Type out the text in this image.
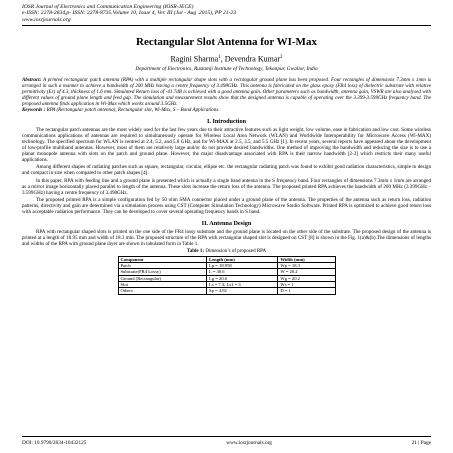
IOSR Journal of Electronics and Communication Engineering (IOSR-JECE)
e-ISSN: 2278-2834,p- ISSN: 2278-8735.Volume 10, Issue 4, Ver. III (Jul - Aug .2015), PP 21-23
www.iosrjournals.org
Rectangular Slot Antenna for WI-Max
Ragini Sharma$^1$, Devendra Kumar$^2$
Department of Electronics, Rustamji Institute of Technology, Tekanpur, Gwalior, India
Abstract: A printed rectangular patch antenna (RPA) with a multiple rectangular shape slots with a rectangular ground plane has been proposed. Four rectangles of dimensions 7.3mm x 1mm is arranged in such a manner to achieve a bandwidth of 200 MHz having a centre frequency of 3.498GHz. This antenna is fabricated on the glass epoxy (FR4 loss) of dielectric substrate with relative permittivity (Er) of 4.3, thickness of 1.6 mm. Simulated Return loss of -41.7dB is achieved with a good antenna gain. Other parameters such as bandwidth, antenna gain, VSWR are also analysed with different values of ground plane length and feed gap. The simulation and measurement results show that the designed antenna is capable of operating over the 3.399-3.599GHz frequency band. The proposed antenna finds application in Wi-Max which works around 3.5GHz.
Keywords : RPA (Rectangular patch antenna), Rectangular slot, Wi-Max, S – Band Applications.
I. Introduction

The rectangular patch antennas are the most widely used for the last few years due to their attractive features such as light weight, low volume, ease in fabrication and low cost. Some wireless communications applications of antennas are required to simultaneously operate for Wireless Local Area Network (WLAN) and Worldwide Interoperability for Microwave Access (Wi-MAX) technology. The specified spectrum for WLAN is centred at 2.4, 5.2, and 5.8 GHz, and for Wi-MAX at 2.5, 3.5, and 5.5 GHz [1]. In recent years, several reports have appeared about the development of low-profile multiband antennas. However, most of them are relatively large and/or do not provide desired bandwidths. One method of improving the bandwidth and reducing the size is to use a planar monopole antenna with slots on the patch and ground plane. However, the major disadvantage associated with RPA is their narrow bandwidth [2-3] which restricts their many useful applications.

Among different shapes of radiating patches such as square, rectangular, circular, ellipse etc. the rectangular radiating patch was found to exhibit good radiation characteristics, simple to design and compact in size when compared to other patch shapes [4].

In this paper, RPA with feeding line and a ground plane is presented which is actually a single band antenna in the S frequency band. Four rectangles of dimensions 7.3mm x 1mm are arranged as a mirror image horizontally placed parallel to length of the antenna. These slots increase the return loss of the antenna. The proposed printed RPA achieves the bandwidth of 200 MHz (3.399GHz – 3.599GHz) having a centre frequency of 3.498GHz.

The proposed printed RPA is a simple configuration fed by 50 ohm SMA connector placed under a ground plane of the antenna. The properties of the antenna such as return loss, radiation patterns, directivity and gain are determined via a simulation process using CST (Computer Simulation Technology) Microwave Studio Software. Printed RPA is optimized to achieve good return loss with acceptable radiation performance. They can be developed to cover several operating frequency bands in S band.

II. Antenna Design

RPA with rectangular shaped slots is printed on the one side of the FR4 lossy substrate and the ground plane is located on the other side of the substrate. The proposed design of the antenna is printed at a length of 18.95 mm and width of 18.3 mm. The proposed structure of the RPA with rectangular shaped slot is designed on CST [8] is shown in the Fig. 1(a)&(b).The dimensions of lengths and widths of the RPA with ground plane layer are shown in tabulated form in Table 1.

Table 1: Dimension’s of proposed RPA
Component	Length (mm)	Width (mm)
Patch	Lp = 18.958	Wp = 18.3
Substrate(FR4 Lossy)	L = 30.6	W = 20.2
Ground (Rectangular)	Lg = 20.6	Wg = 20.2
Slot	Ls = 7.3, Ls1 = 3	Ws = 1
Others	Sp = 4.92	D = 1
DOI: 10.9790/2834-10432125	www.iosrjournals.org	21 | Page
